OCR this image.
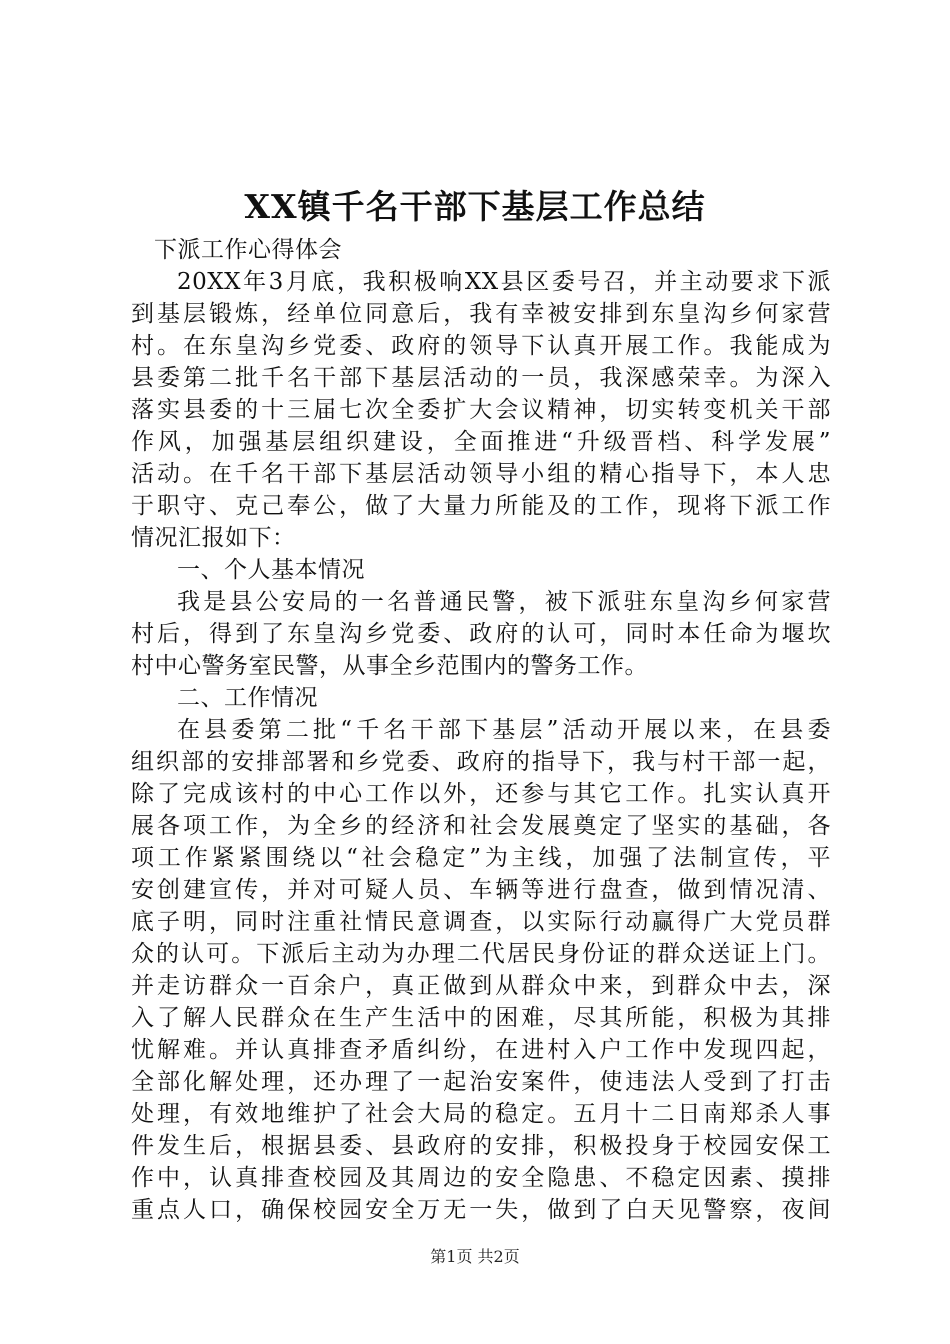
XX镇千名干部下基层工作总结
下派工作心得体会
20XX年3月底，我积极响XX县区委号召，并主动要求下派
到基层锻炼，经单位同意后，我有幸被安排到东皇沟乡何家营
村。在东皇沟乡党委、政府的领导下认真开展工作。我能成为
县委第二批千名干部下基层活动的一员，我深感荣幸。为深入
落实县委的十三届七次全委扩大会议精神，切实转变机关干部
作风，加强基层组织建设，全面推进“升级晋档、科学发展”
活动。在千名干部下基层活动领导小组的精心指导下，本人忠
于职守、克己奉公，做了大量力所能及的工作，现将下派工作
情况汇报如下：
一、个人基本情况
我是县公安局的一名普通民警，被下派驻东皇沟乡何家营
村后，得到了东皇沟乡党委、政府的认可，同时本任命为堰坎
村中心警务室民警，从事全乡范围内的警务工作。
二、工作情况
在县委第二批“千名干部下基层”活动开展以来，在县委
组织部的安排部署和乡党委、政府的指导下，我与村干部一起，
除了完成该村的中心工作以外，还参与其它工作。扎实认真开
展各项工作，为全乡的经济和社会发展奠定了坚实的基础，各
项工作紧紧围绕以“社会稳定”为主线，加强了法制宣传，平
安创建宣传，并对可疑人员、车辆等进行盘查，做到情况清、
底子明，同时注重社情民意调查，以实际行动赢得广大党员群
众的认可。下派后主动为办理二代居民身份证的群众送证上门。
并走访群众一百余户，真正做到从群众中来，到群众中去，深
入了解人民群众在生产生活中的困难，尽其所能，积极为其排
忧解难。并认真排查矛盾纠纷，在进村入户工作中发现四起，
全部化解处理，还办理了一起治安案件，使违法人受到了打击
处理，有效地维护了社会大局的稳定。五月十二日南郑杀人事
件发生后，根据县委、县政府的安排，积极投身于校园安保工
作中，认真排查校园及其周边的安全隐患、不稳定因素、摸排
重点人口，确保校园安全万无一失，做到了白天见警察，夜间
第1页 共2页
